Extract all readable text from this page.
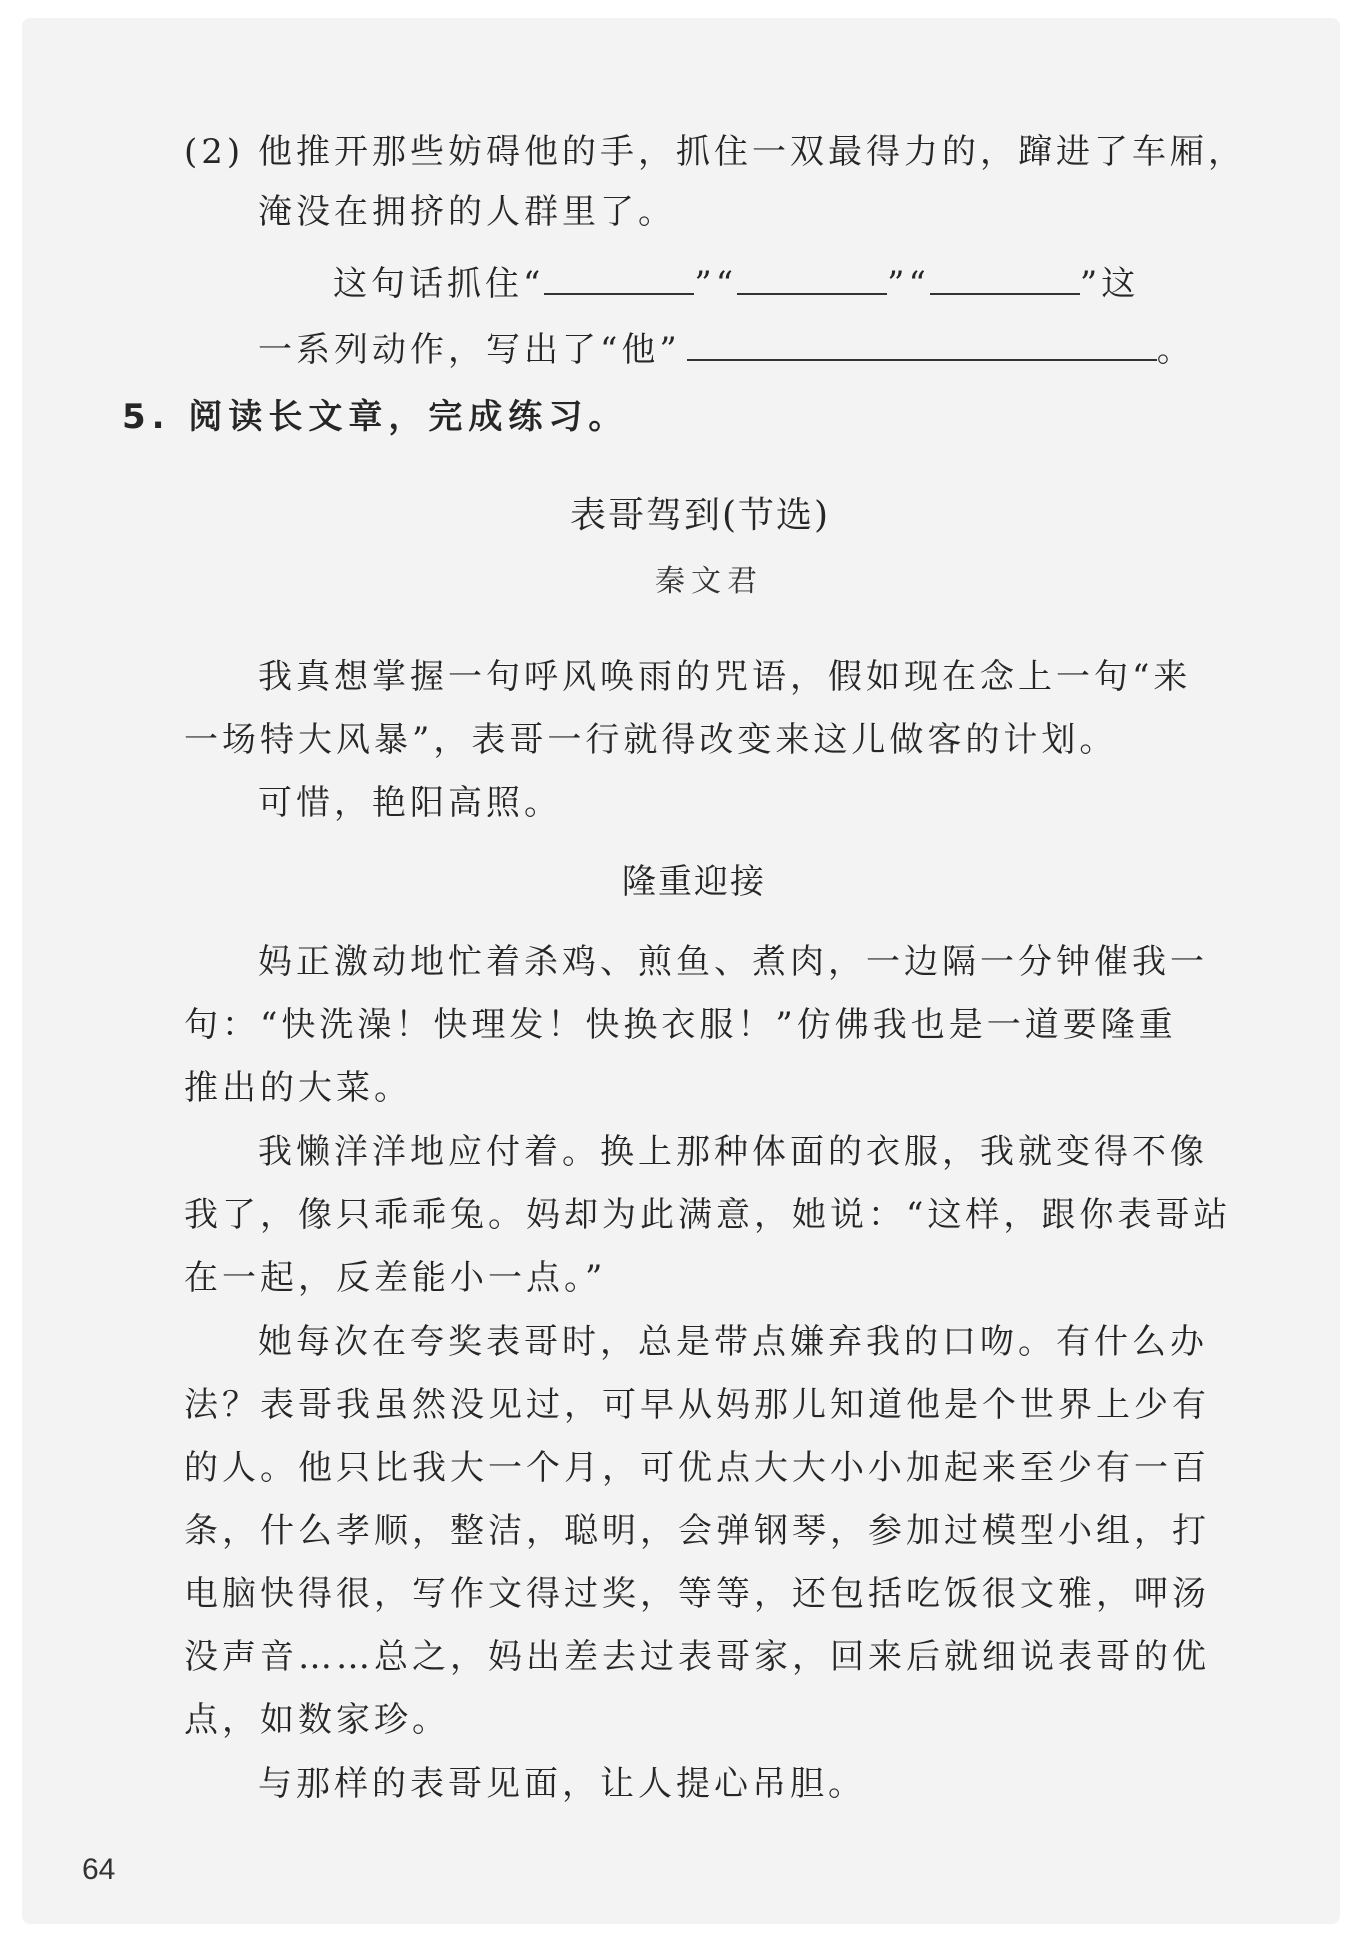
(2) 他推开那些妨碍他的手，抓住一双最得力的，蹿进了车厢，
淹没在拥挤的人群里了。
这句话抓住“	”“	”“	”这
一系列动作，写出了“他”	。
5. 阅读长文章，完成练习。
表哥驾到(节选)
秦文君
我真想掌握一句呼风唤雨的咒语，假如现在念上一句“来
一场特大风暴”，表哥一行就得改变来这儿做客的计划。
可惜，艳阳高照。
隆重迎接
妈正激动地忙着杀鸡、煎鱼、煮肉，一边隔一分钟催我一
句：“快洗澡！快理发！快换衣服！”仿佛我也是一道要隆重
推出的大菜。
我懒洋洋地应付着。换上那种体面的衣服，我就变得不像
我了，像只乖乖兔。妈却为此满意，她说：“这样，跟你表哥站
在一起，反差能小一点。”
她每次在夸奖表哥时，总是带点嫌弃我的口吻。有什么办
法？表哥我虽然没见过，可早从妈那儿知道他是个世界上少有
的人。他只比我大一个月，可优点大大小小加起来至少有一百
条，什么孝顺，整洁，聪明，会弹钢琴，参加过模型小组，打
电脑快得很，写作文得过奖，等等，还包括吃饭很文雅，呷汤
没声音……总之，妈出差去过表哥家，回来后就细说表哥的优
点，如数家珍。
与那样的表哥见面，让人提心吊胆。
64
